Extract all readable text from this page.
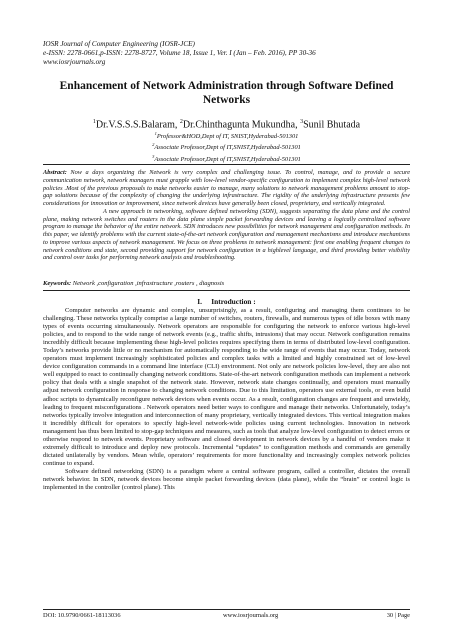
IOSR Journal of Computer Engineering (IOSR-JCE)
e-ISSN: 2278-0661,p-ISSN: 2278-8727, Volume 18, Issue 1, Ver. I (Jan – Feb. 2016), PP 30-36
www.iosrjournals.org
Enhancement of Network Administration through Software Defined Networks
$^1$Dr.V.S.S.S.Balaram, $^2$Dr.Chinthagunta Mukundha, $^3$Sunil Bhutada
$^1$Professor&HOD,Dept of IT, SNIST,Hyderabad-501301
$^2$Associate Professor,Dept of IT,SNIST,Hyderabad-501301
$^3$Associate Professor,Dept of IT,SNIST,Hyderabad-501301

Abstract: Now a days organizing the Network is very complex and challenging issue. To control, manage, and to provide a secure communication network, network managers must grapple with low-level vendor-specific configuration to implement complex high-level network policies .Most of the previous proposals to make networks easier to manage, many solutions to network management problems amount to stop-gap solutions because of the complexity of changing the underlying infrastructure. The rigidity of the underlying infrastructure presents few considerations for innovation or improvement, since network devices have generally been closed, proprietary, and vertically integrated.

A new approach in networking, software defined networking (SDN), suggests separating the data plane and the control plane, making network switches and routers in the data plane simple packet forwarding devices and leaving a logically centralized software program to manage the behavior of the entire network. SDN introduces new possibilities for network management and configuration methods. In this paper, we identify problems with the current state-of-the-art network configuration and management mechanisms and introduce mechanisms to improve various aspects of network management. We focus on three problems in network management: first one enabling frequent changes to network conditions and state, second providing support for network configuration in a highlevel language, and third providing better visibility and control over tasks for performing network analysis and troubleshooting.

Keywords: Network ,configuration ,infrastructure ,routers , diagnosis
I. Introduction :

Computer networks are dynamic and complex, unsurprisingly, as a result, configuring and managing them continues to be challenging. These networks typically comprise a large number of switches, routers, firewalls, and numerous types of idle boxes with many types of events occurring simultaneously. Network operators are responsible for configuring the network to enforce various high-level policies, and to respond to the wide range of network events (e.g., traffic shifts, intrusions) that may occur. Network configuration remains incredibly difficult because implementing these high-level policies requires specifying them in terms of distributed low-level configuration. Today’s networks provide little or no mechanism for automatically responding to the wide range of events that may occur. Today, network operators must implement increasingly sophisticated policies and complex tasks with a limited and highly constrained set of low-level device configuration commands in a command line interface (CLI) environment. Not only are network policies low-level, they are also not well equipped to react to continually changing network conditions. State-of-the-art network configuration methods can implement a network policy that deals with a single snapshot of the network state. However, network state changes continually, and operators must manually adjust network configuration in response to changing network conditions. Due to this limitation, operators use external tools, or even build adhoc scripts to dynamically reconfigure network devices when events occur. As a result, configuration changes are frequent and unwieldy, leading to frequent misconfigurations . Network operators need better ways to configure and manage their networks. Unfortunately, today’s networks typically involve integration and interconnection of many proprietary, vertically integrated devices. This vertical integration makes it incredibly difficult for operators to specify high-level network-wide policies using current technologies. Innovation in network management has thus been limited to stop-gap techniques and measures, such as tools that analyze low-level configuration to detect errors or otherwise respond to network events. Proprietary software and closed development in network devices by a handful of vendors make it extremely difficult to introduce and deploy new protocols. Incremental “updates” to configuration methods and commands are generally dictated unilaterally by vendors. Mean while, operators’ requirements for more functionality and increasingly complex network policies continue to expand.

Software defined networking (SDN) is a paradigm where a central software program, called a controller, dictates the overall network behavior. In SDN, network devices become simple packet forwarding devices (data plane), while the “brain” or control logic is implemented in the controller (control plane). This

DOI: 10.9790/0661-18113036	www.iosrjournals.org	30 | Page
